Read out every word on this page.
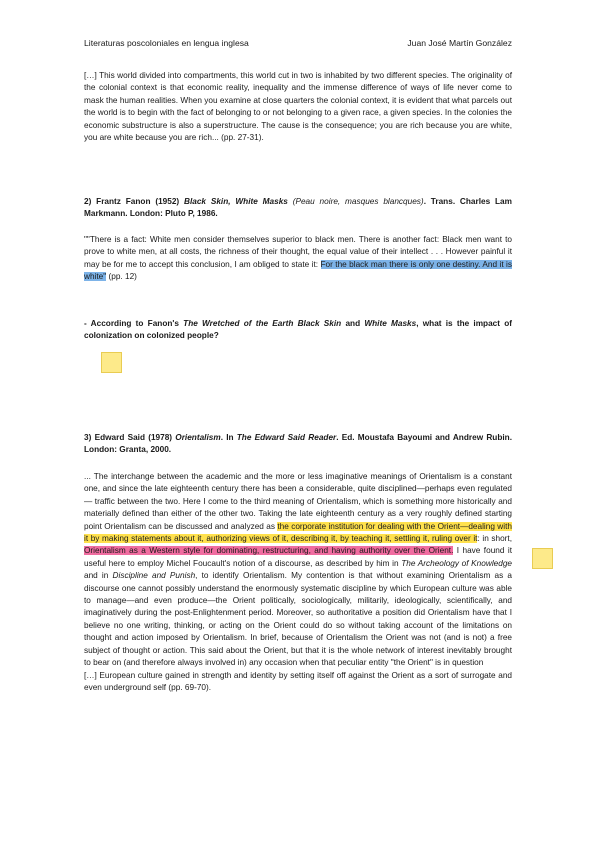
Literaturas poscoloniales en lengua inglesa	Juan José Martín González

[…] This world divided into compartments, this world cut in two is inhabited by two different species. The originality of the colonial context is that economic reality, inequality and the immense difference of ways of life never come to mask the human realities. When you examine at close quarters the colonial context, it is evident that what parcels out the world is to begin with the fact of belonging to or not belonging to a given race, a given species. In the colonies the economic substructure is also a superstructure. The cause is the consequence; you are rich because you are white, you are white because you are rich... (pp. 27-31).

2) Frantz Fanon (1952) Black Skin, White Masks (Peau noire, masques blancques). Trans. Charles Lam Markmann. London: Pluto P, 1986.

""There is a fact: White men consider themselves superior to black men. There is another fact: Black men want to prove to white men, at all costs, the richness of their thought, the equal value of their intellect . . . However painful it may be for me to accept this conclusion, I am obliged to state it: For the black man there is only one destiny. And it is white" (pp. 12)

- According to Fanon's The Wretched of the Earth Black Skin and White Masks, what is the impact of colonization on colonized people?

3) Edward Said (1978) Orientalism. In The Edward Said Reader. Ed. Moustafa Bayoumi and Andrew Rubin. London: Granta, 2000.

... The interchange between the academic and the more or less imaginative meanings of Orientalism is a constant one, and since the late eighteenth century there has been a considerable, quite disciplined—perhaps even regulated— traffic between the two. Here I come to the third meaning of Orientalism, which is something more historically and materially defined than either of the other two. Taking the late eighteenth century as a very roughly defined starting point Orientalism can be discussed and analyzed as the corporate institution for dealing with the Orient—dealing with it by making statements about it, authorizing views of it, describing it, by teaching it, settling it, ruling over it: in short, Orientalism as a Western style for dominating, restructuring, and having authority over the Orient. I have found it useful here to employ Michel Foucault's notion of a discourse, as described by him in The Archeology of Knowledge and in Discipline and Punish, to identify Orientalism. My contention is that without examining Orientalism as a discourse one cannot possibly understand the enormously systematic discipline by which European culture was able to manage—and even produce—the Orient politically, sociologically, militarily, ideologically, scientifically, and imaginatively during the post-Enlightenment period. Moreover, so authoritative a position did Orientalism have that I believe no one writing, thinking, or acting on the Orient could do so without taking account of the limitations on thought and action imposed by Orientalism. In brief, because of Orientalism the Orient was not (and is not) a free subject of thought or action. This said about the Orient, but that it is the whole network of interest inevitably brought to bear on (and therefore always involved in) any occasion when that peculiar entity "the Orient" is in question

[…] European culture gained in strength and identity by setting itself off against the Orient as a sort of surrogate and even underground self (pp. 69-70).
